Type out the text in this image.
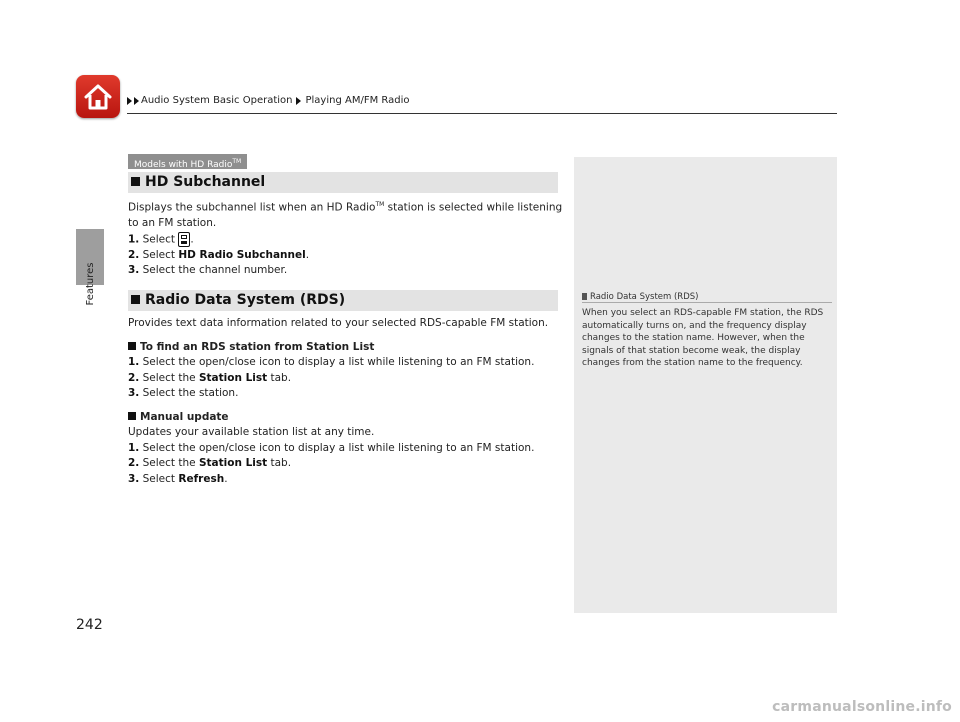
Audio System Basic Operation Playing AM/FM Radio
Features
242
Models with HD Radio™
HD Subchannel

Displays the subchannel list when an HD Radio™ station is selected while listening to an FM station.

1. Select .

2. Select HD Radio Subchannel.

3. Select the channel number.

Radio Data System (RDS)

Provides text data information related to your selected RDS-capable FM station.

To find an RDS station from Station List

1. Select the open/close icon to display a list while listening to an FM station.

2. Select the Station List tab.

3. Select the station.

Manual update

Updates your available station list at any time.

1. Select the open/close icon to display a list while listening to an FM station.

2. Select the Station List tab.

3. Select Refresh.

Radio Data System (RDS)
When you select an RDS-capable FM station, the RDS automatically turns on, and the frequency display changes to the station name. However, when the signals of that station become weak, the display changes from the station name to the frequency.
carmanualsonline.info
